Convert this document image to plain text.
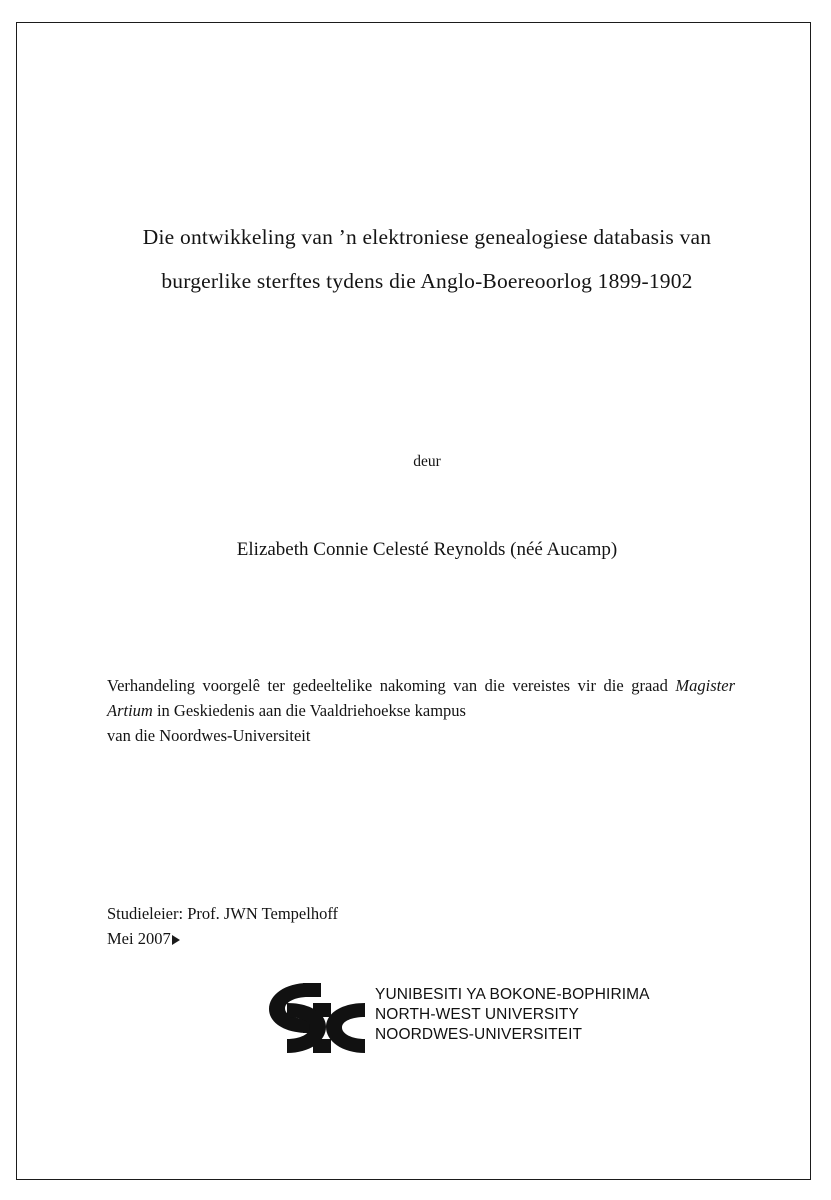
Die ontwikkeling van ’n elektroniese genealogiese databasis van
burgerlike sterftes tydens die Anglo-Boereoorlog 1899-1902
deur
Elizabeth Connie Celesté Reynolds (néé Aucamp)

Verhandeling voorgelê ter gedeeltelike nakoming van die vereistes vir die graad Magister Artium in Geskiedenis aan die Vaaldriehoekse kampus

van die Noordwes-Universiteit

Studieleier: Prof. JWN Tempelhoff
Mei 2007
YUNIBESITI YA BOKONE-BOPHIRIMA
NORTH-WEST UNIVERSITY
NOORDWES-UNIVERSITEIT
